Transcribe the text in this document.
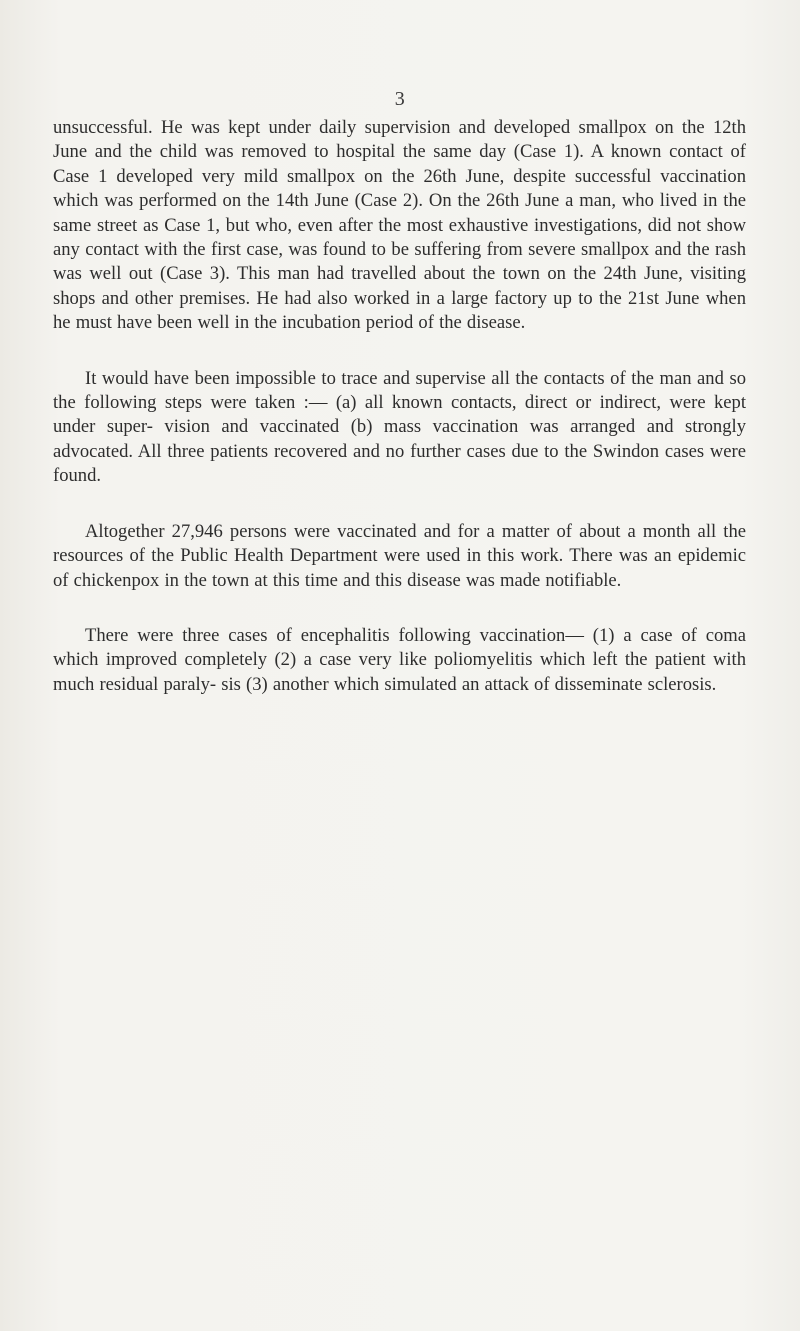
3

unsuccessful. He was kept under daily supervision and developed smallpox on the 12th June and the child was removed to hospital the same day (Case 1). A known contact of Case 1 developed very mild smallpox on the 26th June, despite successful vaccination which was performed on the 14th June (Case 2). On the 26th June a man, who lived in the same street as Case 1, but who, even after the most exhaustive investigations, did not show any contact with the first case, was found to be suffering from severe smallpox and the rash was well out (Case 3). This man had travelled about the town on the 24th June, visiting shops and other premises. He had also worked in a large factory up to the 21st June when he must have been well in the incubation period of the disease.

It would have been impossible to trace and supervise all the contacts of the man and so the following steps were taken :— (a) all known contacts, direct or indirect, were kept under super- vision and vaccinated (b) mass vaccination was arranged and strongly advocated. All three patients recovered and no further cases due to the Swindon cases were found.

Altogether 27,946 persons were vaccinated and for a matter of about a month all the resources of the Public Health Department were used in this work. There was an epidemic of chickenpox in the town at this time and this disease was made notifiable.

There were three cases of encephalitis following vaccination— (1) a case of coma which improved completely (2) a case very like poliomyelitis which left the patient with much residual paraly- sis (3) another which simulated an attack of disseminate sclerosis.
